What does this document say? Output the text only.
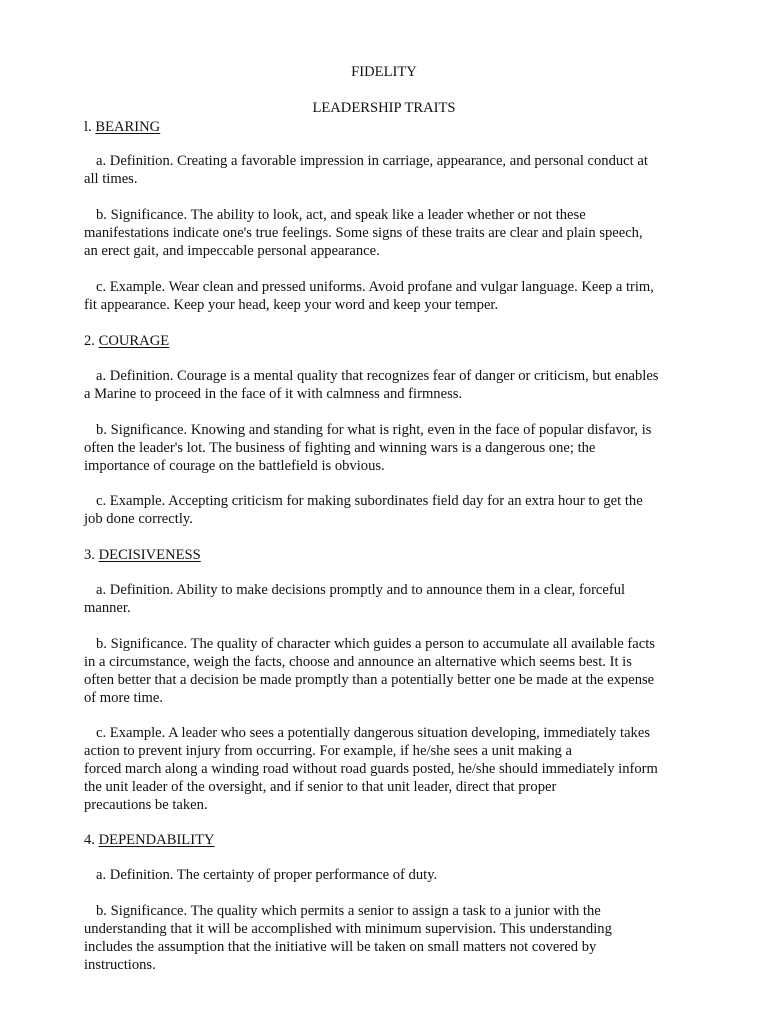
FIDELITY
LEADERSHIP TRAITS
l. BEARING

a. Definition. Creating a favorable impression in carriage, appearance, and personal conduct at
all times.

b. Significance. The ability to look, act, and speak like a leader whether or not these
manifestations indicate one's true feelings. Some signs of these traits are clear and plain speech,
an erect gait, and impeccable personal appearance.

c. Example. Wear clean and pressed uniforms. Avoid profane and vulgar language. Keep a trim,
fit appearance. Keep your head, keep your word and keep your temper.

2. COURAGE

a. Definition. Courage is a mental quality that recognizes fear of danger or criticism, but enables
a Marine to proceed in the face of it with calmness and firmness.

b. Significance. Knowing and standing for what is right, even in the face of popular disfavor, is
often the leader's lot. The business of fighting and winning wars is a dangerous one; the
importance of courage on the battlefield is obvious.

c. Example. Accepting criticism for making subordinates field day for an extra hour to get the
job done correctly.

3. DECISIVENESS

a. Definition. Ability to make decisions promptly and to announce them in a clear, forceful
manner.

b. Significance. The quality of character which guides a person to accumulate all available facts
in a circumstance, weigh the facts, choose and announce an alternative which seems best. It is
often better that a decision be made promptly than a potentially better one be made at the expense
of more time.

c. Example. A leader who sees a potentially dangerous situation developing, immediately takes
action to prevent injury from occurring. For example, if he/she sees a unit making a
forced march along a winding road without road guards posted, he/she should immediately inform
the unit leader of the oversight, and if senior to that unit leader, direct that proper
precautions be taken.

4. DEPENDABILITY

a. Definition. The certainty of proper performance of duty.

b. Significance. The quality which permits a senior to assign a task to a junior with the
understanding that it will be accomplished with minimum supervision. This understanding
includes the assumption that the initiative will be taken on small matters not covered by
instructions.
